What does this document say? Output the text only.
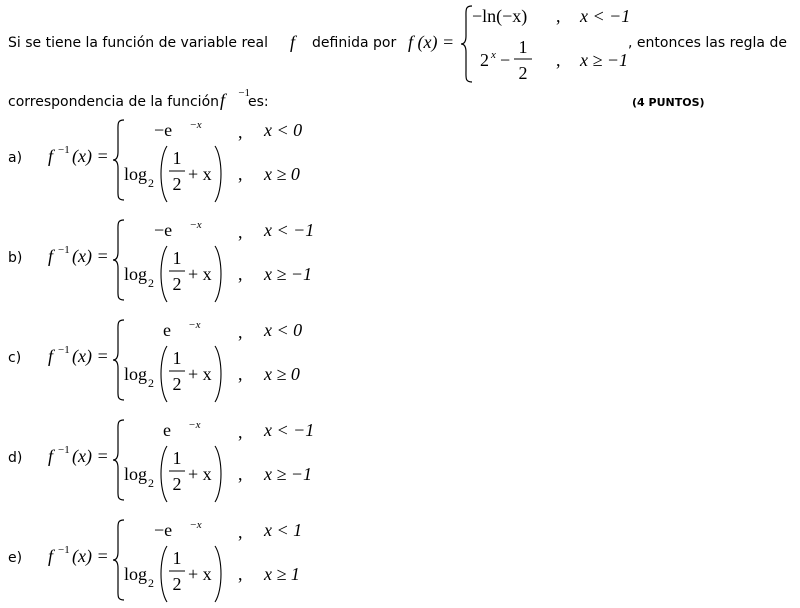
Si se tiene la función de variable real f definida por f (x) =
−ln(−x) , x < −1
2 $_x$ −
1
2
, x ≥ −1
, entonces las regla de
correspondencia de la función f $_{-1}$
es:	(4 PUNTOS)
a) f $_{-1}$ (x) =
−e −x , x < 0
log 2
1
2 + x , x ≥ 0
b) f $_{-1}$ (x) =
−e −x , x < −1
log 2
1
2 + x , x ≥ −1
c) f $_{-1}$ (x) =
e −x , x < 0
log 2
1
2 + x , x ≥ 0
d) f $_{-1}$ (x) =
e −x , x < −1
log 2
1
2 + x , x ≥ −1
e) f $_{-1}$ (x) =
−e −x , x < 1
log 2
1
2 + x , x ≥ 1
